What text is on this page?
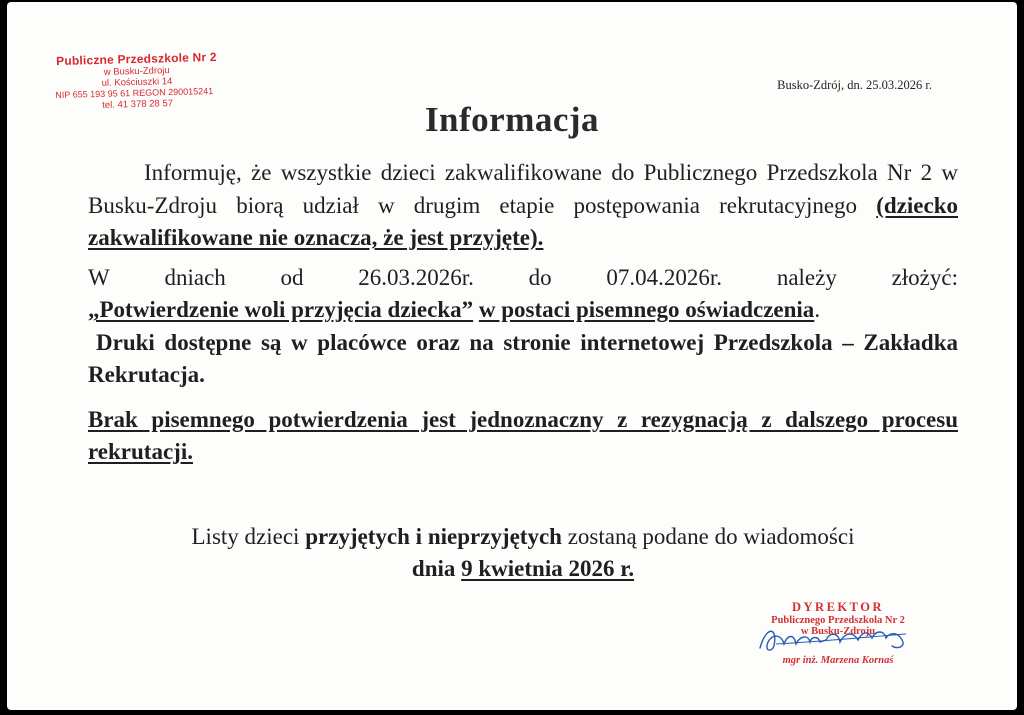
Publiczne Przedszkole Nr 2
w Busku-Zdroju
ul. Kościuszki 14
NIP 655 193 95 61 REGON 290015241
tel. 41 378 28 57
Busko-Zdrój, dn. 25.03.2026 r.
Informacja

Informuję, że wszystkie dzieci zakwalifikowane do Publicznego Przedszkola Nr 2 w Busku-Zdroju biorą udział w drugim etapie postępowania rekrutacyjnego (dziecko zakwalifikowane nie oznacza, że jest przyjęte).

W dniach od 26.03.2026r. do 07.04.2026r. należy złożyć:
„Potwierdzenie woli przyjęcia dziecka” w postaci pisemnego oświadczenia.

Druki dostępne są w placówce oraz na stronie internetowej Przedszkola – Zakładka Rekrutacja.

Brak pisemnego potwierdzenia jest jednoznaczny z rezygnacją z dalszego procesu rekrutacji.

Listy dzieci przyjętych i nieprzyjętych zostaną podane do wiadomości
dnia 9 kwietnia 2026 r.
DYREKTOR
Publicznego Przedszkola Nr 2
w Busku-Zdroju
mgr inż. Marzena Kornaś
